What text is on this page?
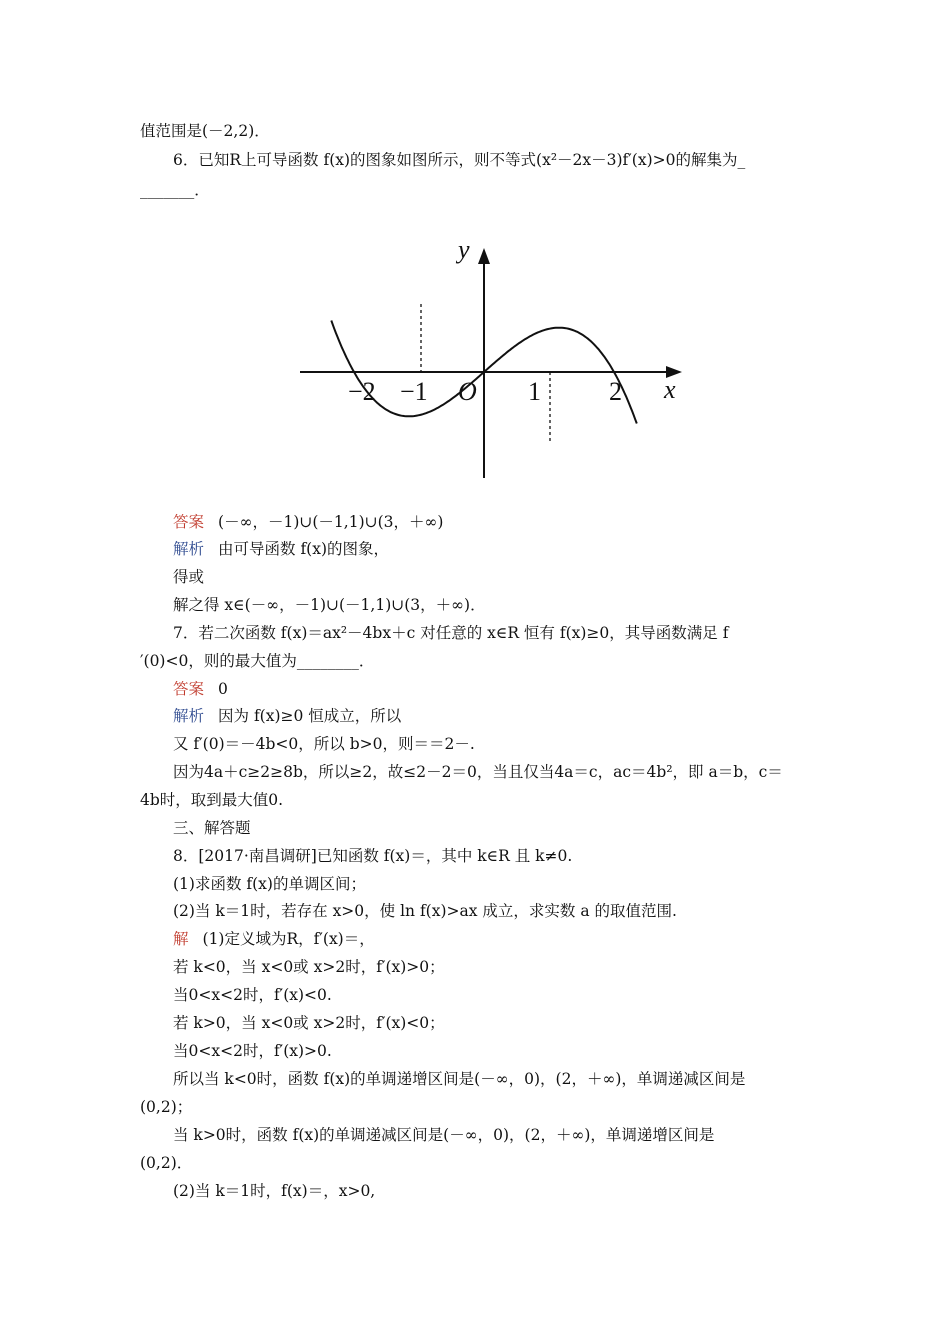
值范围是(－2,2)．
6．已知R上可导函数 f(x)的图象如图所示，则不等式(x²－2x－3)f′(x)>0的解集为_
_______．
答案 (－∞，－1)∪(－1,1)∪(3，＋∞)
解析 由可导函数 f(x)的图象，
得或
解之得 x∈(－∞，－1)∪(－1,1)∪(3，＋∞)．
7．若二次函数 f(x)＝ax²－4bx＋c 对任意的 x∈R 恒有 f(x)≥0，其导函数满足 f
′(0)<0，则的最大值为________．
答案 0
解析 因为 f(x)≥0 恒成立，所以
又 f′(0)＝－4b<0，所以 b>0，则＝＝2－.
因为4a＋c≥2≥8b，所以≥2，故≤2－2＝0，当且仅当4a＝c，ac＝4b²，即 a＝b，c＝
4b时，取到最大值0.
三、解答题
8．[2017·南昌调研]已知函数 f(x)＝，其中 k∈R 且 k≠0.
(1)求函数 f(x)的单调区间；
(2)当 k＝1时，若存在 x>0，使 ln f(x)>ax 成立，求实数 a 的取值范围.
解 (1)定义域为R，f′(x)＝，
若 k<0，当 x<0或 x>2时，f′(x)>0；
当0<x<2时，f′(x)<0.
若 k>0，当 x<0或 x>2时，f′(x)<0；
当0<x<2时，f′(x)>0.
所以当 k<0时，函数 f(x)的单调递增区间是(－∞，0)，(2，＋∞)，单调递减区间是
(0,2)；
当 k>0时，函数 f(x)的单调递减区间是(－∞，0)，(2，＋∞)，单调递增区间是
(0,2)．
(2)当 k＝1时，f(x)＝，x>0,
y
x
−2 −1 O 1	2
